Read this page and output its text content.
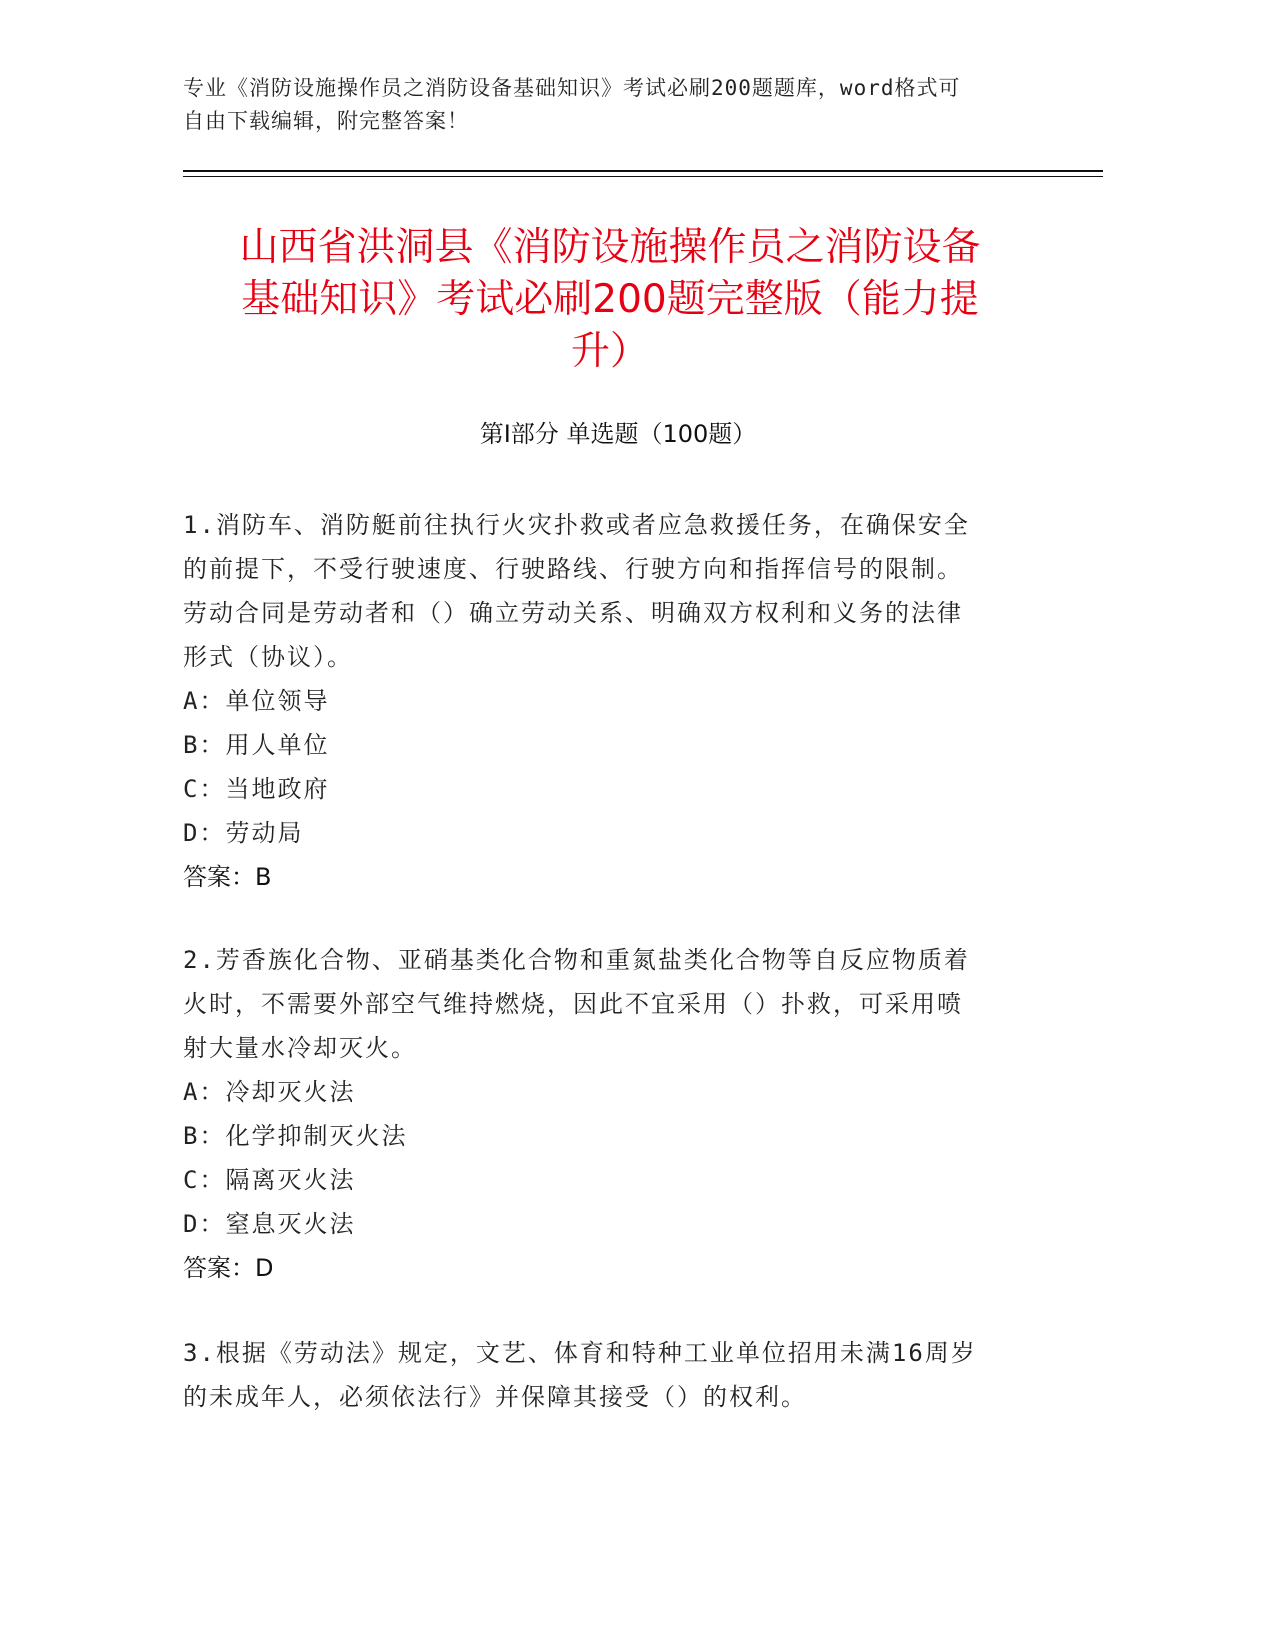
专业《消防设施操作员之消防设备基础知识》考试必刷200题题库，word格式可
自由下载编辑，附完整答案！
山西省洪洞县《消防设施操作员之消防设备
基础知识》考试必刷200题完整版（能力提
升）
第Ⅰ部分 单选题（100题）

1.消防车、消防艇前往执行火灾扑救或者应急救援任务，在确保安全

的前提下，不受行驶速度、行驶路线、行驶方向和指挥信号的限制。

劳动合同是劳动者和（）确立劳动关系、明确双方权利和义务的法律

形式（协议）。

A：单位领导

B：用人单位

C：当地政府

D：劳动局

答案：B

2.芳香族化合物、亚硝基类化合物和重氮盐类化合物等自反应物质着

火时，不需要外部空气维持燃烧，因此不宜采用（）扑救，可采用喷

射大量水冷却灭火。

A：冷却灭火法

B：化学抑制灭火法

C：隔离灭火法

D：窒息灭火法

答案：D

3.根据《劳动法》规定，文艺、体育和特种工业单位招用未满16周岁

的未成年人，必须依法行》并保障其接受（）的权利。
